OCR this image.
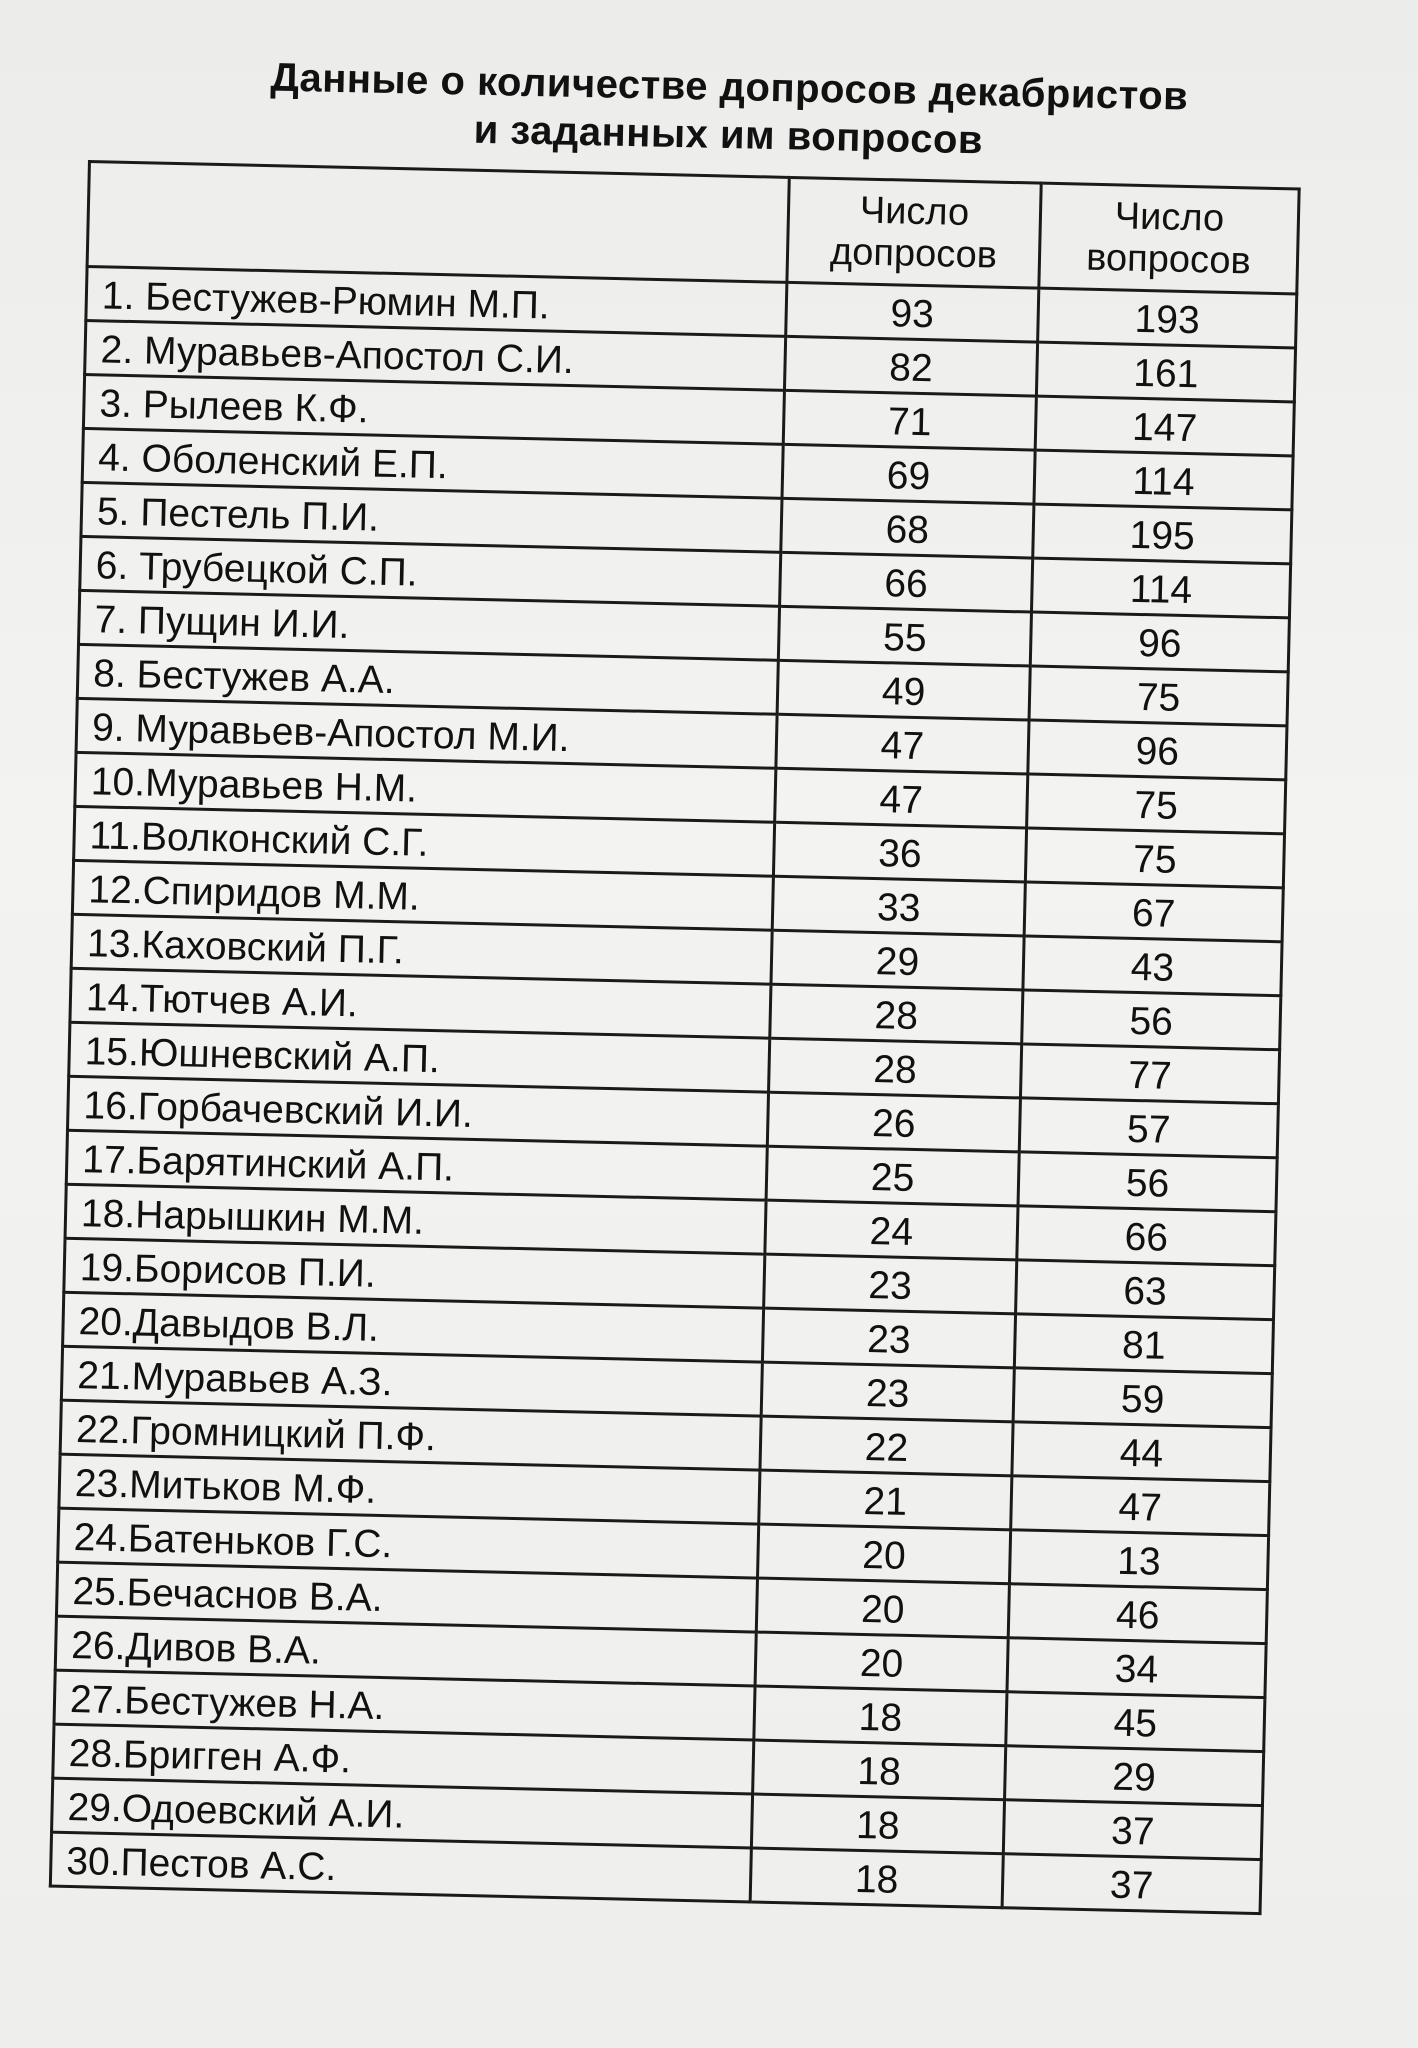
Данные о количестве допросов декабристов
и заданных им вопросов
	Число допросов	Число вопросов
1. Бестужев-Рюмин М.П.	93	193
2. Муравьев-Апостол С.И.	82	161
3. Рылеев К.Ф.	71	147
4. Оболенский Е.П.	69	114
5. Пестель П.И.	68	195
6. Трубецкой С.П.	66	114
7. Пущин И.И.	55	96
8. Бестужев А.А.	49	75
9. Муравьев-Апостол М.И.	47	96
10.Муравьев Н.М.	47	75
11.Волконский С.Г.	36	75
12.Спиридов М.М.	33	67
13.Каховский П.Г.	29	43
14.Тютчев А.И.	28	56
15.Юшневский А.П.	28	77
16.Горбачевский И.И.	26	57
17.Барятинский А.П.	25	56
18.Нарышкин М.М.	24	66
19.Борисов П.И.	23	63
20.Давыдов В.Л.	23	81
21.Муравьев А.З.	23	59
22.Громницкий П.Ф.	22	44
23.Митьков М.Ф.	21	47
24.Батеньков Г.С.	20	13
25.Бечаснов В.А.	20	46
26.Дивов В.А.	20	34
27.Бестужев Н.А.	18	45
28.Бригген А.Ф.	18	29
29.Одоевский А.И.	18	37
30.Пестов А.С.	18	37
